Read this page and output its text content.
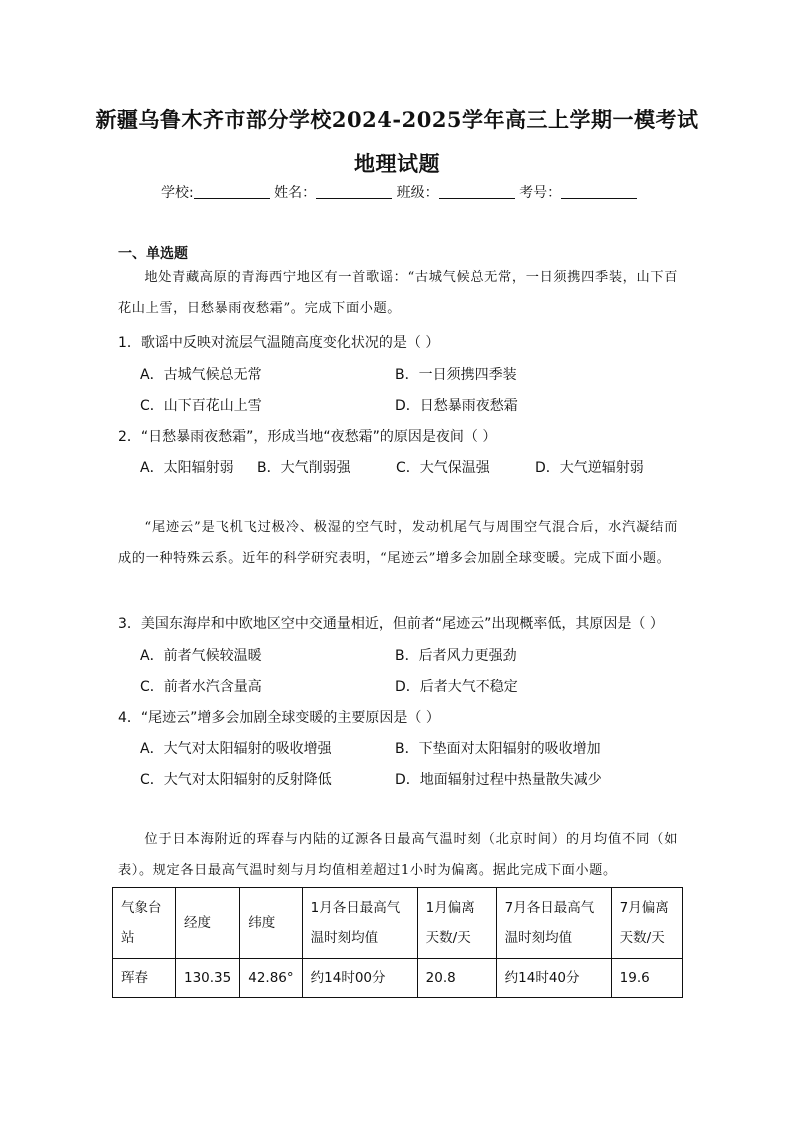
新疆乌鲁木齐市部分学校2024-2025学年高三上学期一模考试
地理试题
学校:	姓名：	班级：	考号：
一、单选题
地处青藏高原的青海西宁地区有一首歌谣：“古城气候总无常，一日须携四季装，山下百花山上雪，日愁暴雨夜愁霜”。完成下面小题。
1．歌谣中反映对流层气温随高度变化状况的是（ ）
A．古城气候总无常	B．一日须携四季装
C．山下百花山上雪	D．日愁暴雨夜愁霜
2．“日愁暴雨夜愁霜”，形成当地“夜愁霜”的原因是夜间（ ）
A．太阳辐射弱 B．大气削弱强	C．大气保温强	D．大气逆辐射弱
“尾迹云”是飞机飞过极冷、极湿的空气时，发动机尾气与周围空气混合后，水汽凝结而成的一种特殊云系。近年的科学研究表明，“尾迹云”增多会加剧全球变暖。完成下面小题。
3．美国东海岸和中欧地区空中交通量相近，但前者“尾迹云”出现概率低，其原因是（ ）
A．前者气候较温暖	B．后者风力更强劲
C．前者水汽含量高	D．后者大气不稳定
4．“尾迹云”增多会加剧全球变暖的主要原因是（ ）
A．大气对太阳辐射的吸收增强	B．下垫面对太阳辐射的吸收增加
C．大气对太阳辐射的反射降低	D．地面辐射过程中热量散失减少
位于日本海附近的珲春与内陆的辽源各日最高气温时刻（北京时间）的月均值不同（如表）。规定各日最高气温时刻与月均值相差超过1小时为偏离。据此完成下面小题。
气象台站	经度	纬度	1月各日最高气温时刻均值	1月偏离天数/天	7月各日最高气温时刻均值	7月偏离天数/天
珲春	130.35	42.86°	约14时00分	20.8	约14时40分	19.6
